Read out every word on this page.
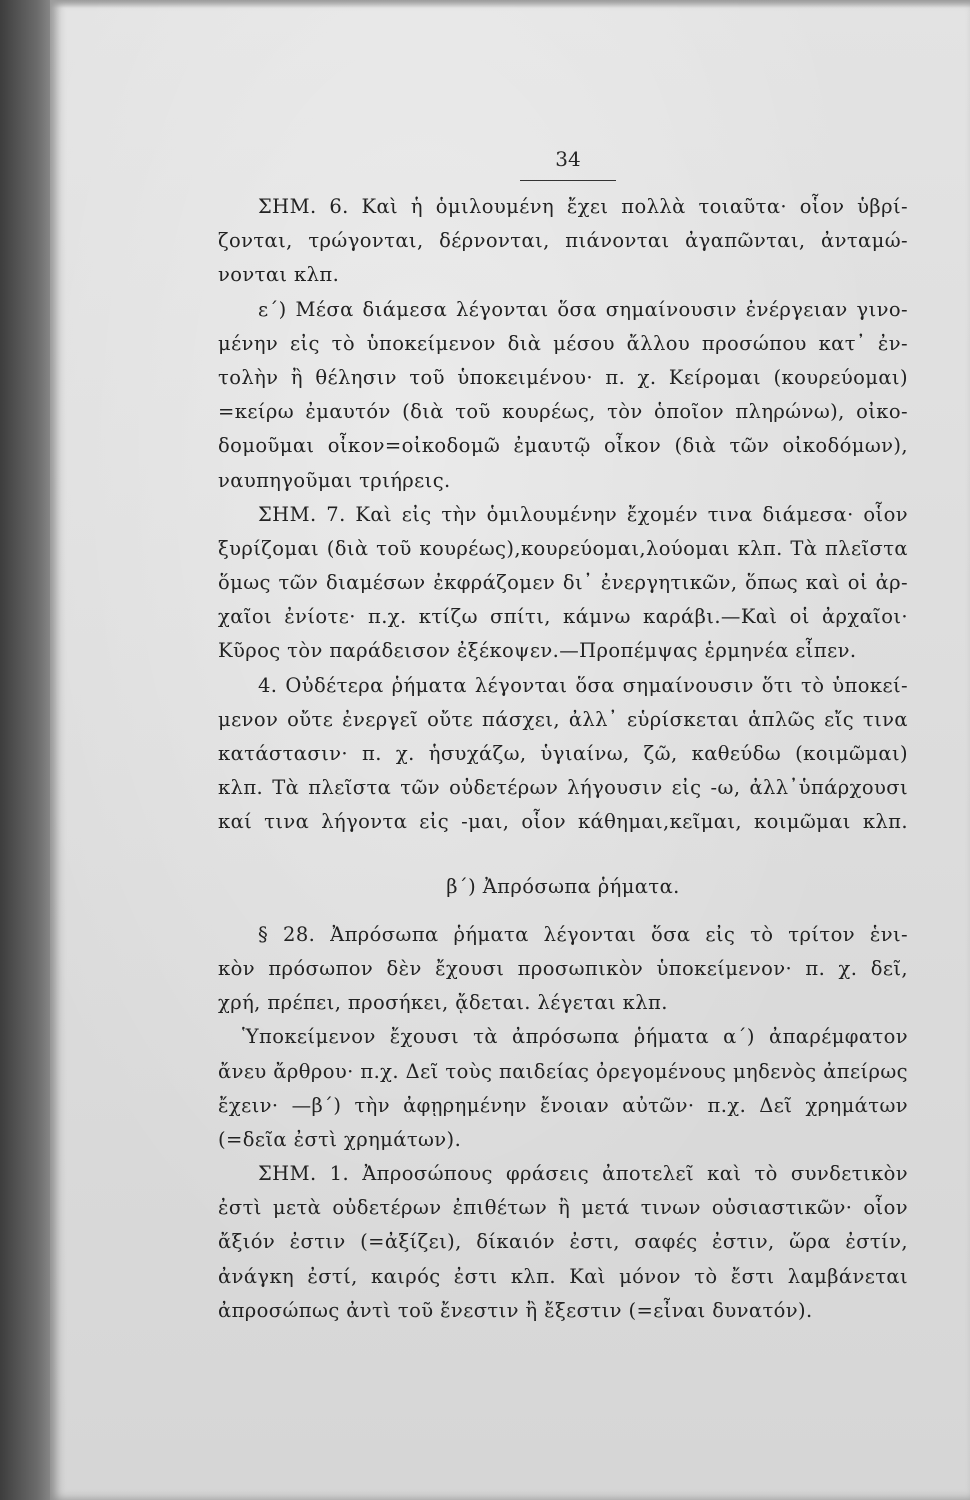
34
ΣΗΜ. 6. Καὶ ἡ ὁμιλουμένη ἔχει πολλὰ τοιαῦτα· οἷον ὑβρί-
ζονται, τρώγονται, δέρνονται, πιάνονται ἀγαπῶνται, ἀνταμώ-
νονται κλπ.
ε΄) Μέσα διάμεσα λέγονται ὅσα σημαίνουσιν ἐνέργειαν γινο-
μένην εἰς τὸ ὑποκείμενον διὰ μέσου ἄλλου προσώπου κατ᾽ ἐν-
τολὴν ἢ θέλησιν τοῦ ὑποκειμένου· π. χ. Κείρομαι (κουρεύομαι)
=κείρω ἐμαυτόν (διὰ τοῦ κουρέως, τὸν ὁποῖον πληρώνω), οἰκο-
δομοῦμαι οἶκον=οἰκοδομῶ ἐμαυτῷ οἶκον (διὰ τῶν οἰκοδόμων),
ναυπηγοῦμαι τριήρεις.
ΣΗΜ. 7. Καὶ εἰς τὴν ὁμιλουμένην ἔχομέν τινα διάμεσα· οἷον
ξυρίζομαι (διὰ τοῦ κουρέως),κουρεύομαι,λούομαι κλπ. Τὰ πλεῖστα
ὅμως τῶν διαμέσων ἐκφράζομεν δι᾽ ἐνεργητικῶν, ὅπως καὶ οἱ ἀρ-
χαῖοι ἐνίοτε· π.χ. κτίζω σπίτι, κάμνω καράβι.—Καὶ οἱ ἀρχαῖοι·
Κῦρος τὸν παράδεισον ἐξέκοψεν.—Προπέμψας ἑρμηνέα εἶπεν.
4. Οὐδέτερα ῥήματα λέγονται ὅσα σημαίνουσιν ὅτι τὸ ὑποκεί-
μενον οὔτε ἐνεργεῖ οὔτε πάσχει, ἀλλ᾽ εὑρίσκεται ἁπλῶς εἴς τινα
κατάστασιν· π. χ. ἡσυχάζω, ὑγιαίνω, ζῶ, καθεύδω (κοιμῶμαι)
κλπ. Τὰ πλεῖστα τῶν οὐδετέρων λήγουσιν εἰς -ω, ἀλλ᾽ὑπάρχουσι
καί τινα λήγοντα εἰς -μαι, οἷον κάθημαι,κεῖμαι, κοιμῶμαι κλπ.
β΄) Ἀπρόσωπα ῥήματα.
§ 28. Ἀπρόσωπα ῥήματα λέγονται ὅσα εἰς τὸ τρίτον ἑνι-
κὸν πρόσωπον δὲν ἔχουσι προσωπικὸν ὑποκείμενον· π. χ. δεῖ,
χρή, πρέπει, προσήκει, ᾄδεται. λέγεται κλπ.
Ὑποκείμενον ἔχουσι τὰ ἀπρόσωπα ῥήματα α΄) ἀπαρέμφατον
ἄνευ ἄρθρου· π.χ. Δεῖ τοὺς παιδείας ὀρεγομένους μηδενὸς ἀπείρως
ἔχειν· —β΄) τὴν ἀφῃρημένην ἔνοιαν αὐτῶν· π.χ. Δεῖ χρημάτων
(=δεῖα ἐστὶ χρημάτων).
ΣΗΜ. 1. Ἀπροσώπους φράσεις ἀποτελεῖ καὶ τὸ συνδετικὸν
ἐστὶ μετὰ οὐδετέρων ἐπιθέτων ἢ μετά τινων οὐσιαστικῶν· οἷον
ἄξιόν ἐστιν (=ἀξίζει), δίκαιόν ἐστι, σαφές ἐστιν, ὥρα ἐστίν,
ἀνάγκη ἐστί, καιρός ἐστι κλπ. Καὶ μόνον τὸ ἔστι λαμβάνεται
ἀπροσώπως ἀντὶ τοῦ ἔνεστιν ἢ ἔξεστιν (=εἶναι δυνατόν).
